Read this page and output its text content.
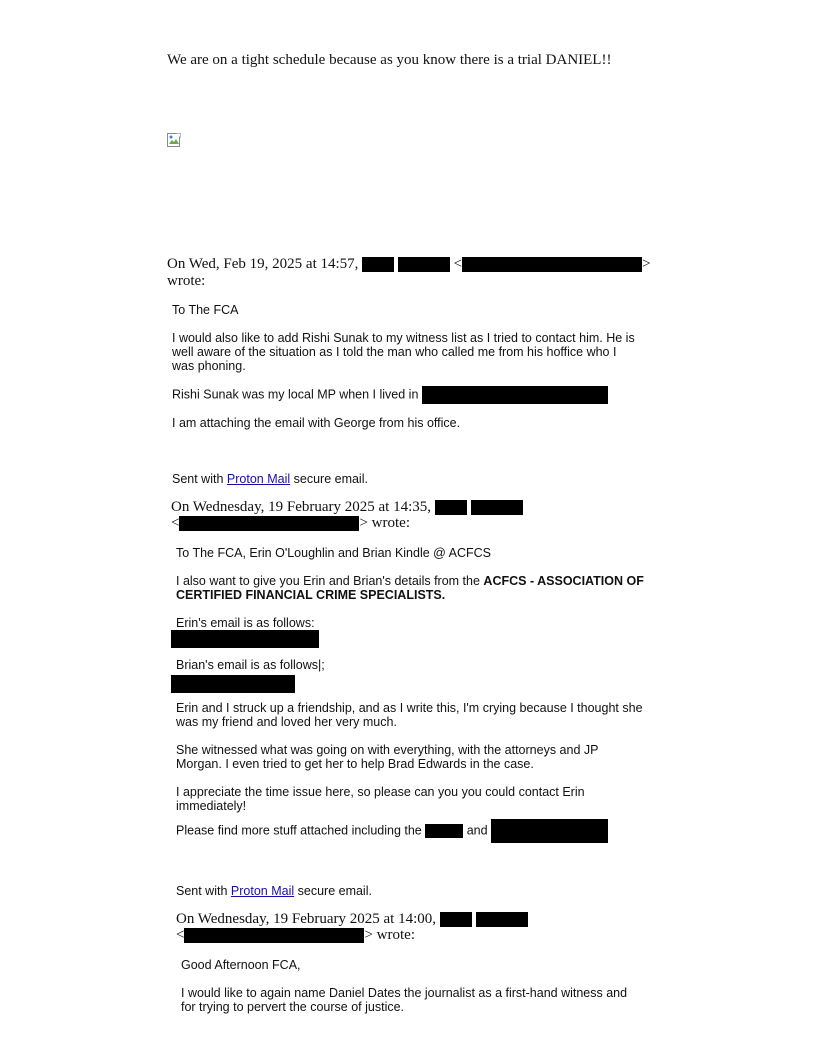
We are on a tight schedule because as you know there is a trial DANIEL!!

On Wed, Feb 19, 2025 at 14:57,	<	>
wrote:

To The FCA

I would also like to add Rishi Sunak to my witness list as I tried to contact him. He is well aware of the situation as I told the man who called me from his hoffice who I was phoning.

Rishi Sunak was my local MP when I lived in

I am attaching the email with George from his office.

Sent with Proton Mail secure email.
On Wednesday, 19 February 2025 at 14:35,
<	> wrote:

To The FCA, Erin O'Loughlin and Brian Kindle @ ACFCS

I also want to give you Erin and Brian's details from the ACFCS - ASSOCIATION OF CERTIFIED FINANCIAL CRIME SPECIALISTS.

Erin's email is as follows:

Brian's email is as follows|;

Erin and I struck up a friendship, and as I write this, I'm crying because I thought she was my friend and loved her very much.

She witnessed what was going on with everything, with the attorneys and JP Morgan. I even tried to get her to help Brad Edwards in the case.

I appreciate the time issue here, so please can you you could contact Erin immediately!

Please find more stuff attached including the	and
Sent with Proton Mail secure email.
On Wednesday, 19 February 2025 at 14:00,
<	> wrote:

Good Afternoon FCA,

I would like to again name Daniel Dates the journalist as a first-hand witness and for trying to pervert the course of justice.
